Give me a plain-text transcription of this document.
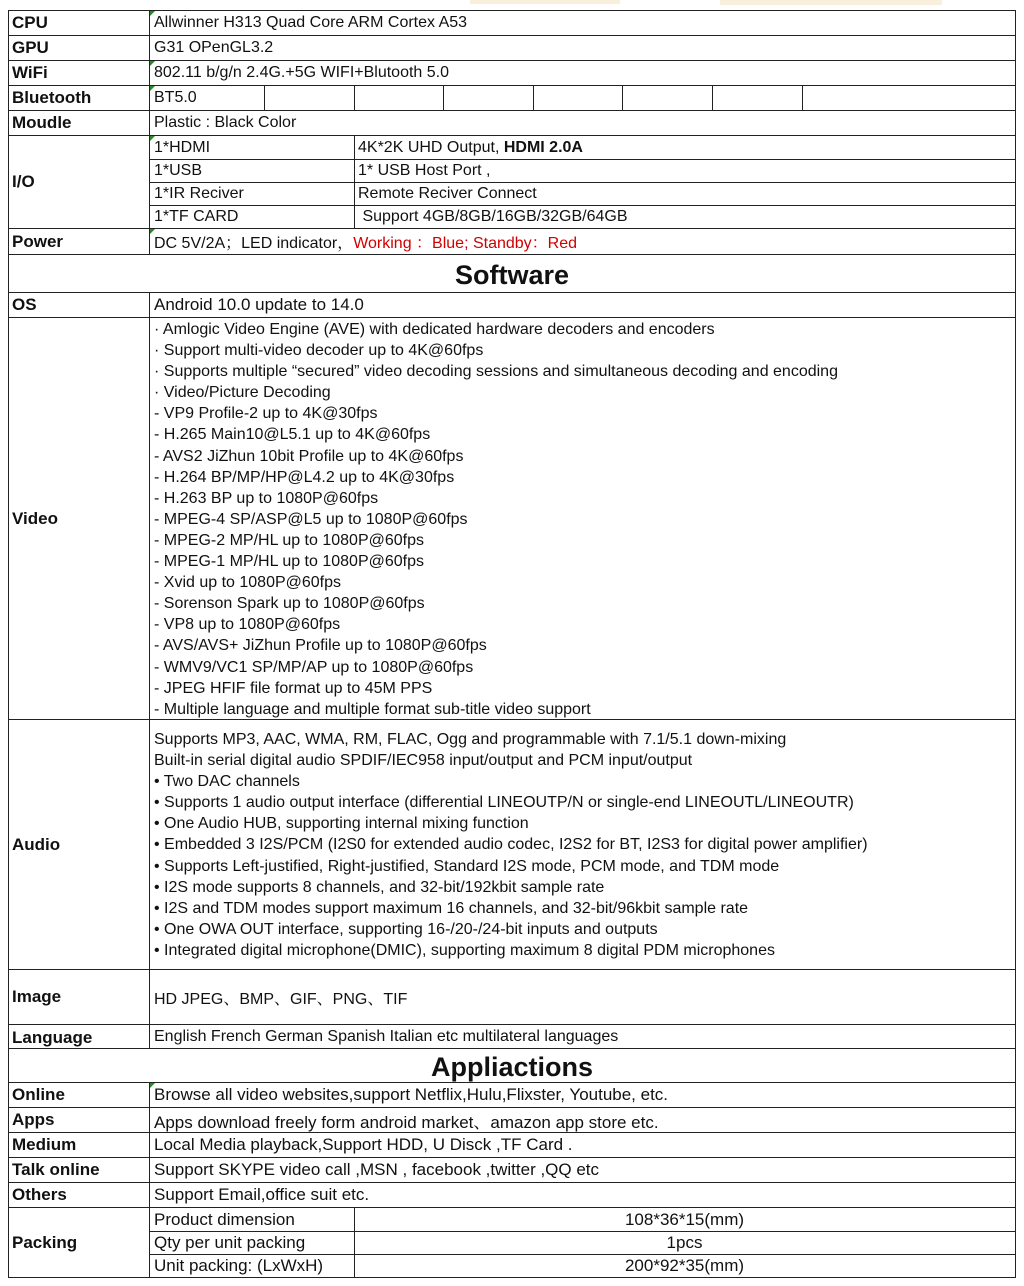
CPU	Allwinner H313 Quad Core ARM Cortex A53
GPU	G31 OPenGL3.2
WiFi	802.11 b/g/n 2.4G.+5G WIFI+Blutooth 5.0
Bluetooth	BT5.0
Moudle	Plastic : Black Color
I/O
1*HDMI	4K*2K UHD Output, HDMI 2.0A
1*USB	1* USB Host Port ,
1*IR Reciver	Remote Reciver Connect
1*TF CARD	Support 4GB/8GB/16GB/32GB/64GB
Power	DC 5V/2A；LED indicator， Working ：Blue; Standby：Red
Software
OS	Android 10.0 update to 14.0
Video
· Amlogic Video Engine (AVE) with dedicated hardware decoders and encoders
· Support multi-video decoder up to 4K@60fps
· Supports multiple “secured” video decoding sessions and simultaneous decoding and encoding
· Video/Picture Decoding
- VP9 Profile-2 up to 4K@30fps
- H.265 Main10@L5.1 up to 4K@60fps
- AVS2 JiZhun 10bit Profile up to 4K@60fps
- H.264 BP/MP/HP@L4.2 up to 4K@30fps
- H.263 BP up to 1080P@60fps
- MPEG-4 SP/ASP@L5 up to 1080P@60fps
- MPEG-2 MP/HL up to 1080P@60fps
- MPEG-1 MP/HL up to 1080P@60fps
- Xvid up to 1080P@60fps
- Sorenson Spark up to 1080P@60fps
- VP8 up to 1080P@60fps
- AVS/AVS+ JiZhun Profile up to 1080P@60fps
- WMV9/VC1 SP/MP/AP up to 1080P@60fps
- JPEG HFIF file format up to 45M PPS
- Multiple language and multiple format sub-title video support
Audio
Supports MP3, AAC, WMA, RM, FLAC, Ogg and programmable with 7.1/5.1 down-mixing
Built-in serial digital audio SPDIF/IEC958 input/output and PCM input/output
• Two DAC channels
• Supports 1 audio output interface (differential LINEOUTP/N or single-end LINEOUTL/LINEOUTR)
• One Audio HUB, supporting internal mixing function
• Embedded 3 I2S/PCM (I2S0 for extended audio codec, I2S2 for BT, I2S3 for digital power amplifier)
• Supports Left-justified, Right-justified, Standard I2S mode, PCM mode, and TDM mode
• I2S mode supports 8 channels, and 32-bit/192kbit sample rate
• I2S and TDM modes support maximum 16 channels, and 32-bit/96kbit sample rate
• One OWA OUT interface, supporting 16-/20-/24-bit inputs and outputs
• Integrated digital microphone(DMIC), supporting maximum 8 digital PDM microphones
Image	HD JPEG、BMP、GIF、PNG、TIF
Language	English French German Spanish Italian etc multilateral languages
Appliactions
Online	Browse all video websites,support Netflix,Hulu,Flixster, Youtube, etc.
Apps	Apps download freely form android market、amazon app store etc.
Medium	Local Media playback,Support HDD, U Disck ,TF Card .
Talk online	Support SKYPE video call ,MSN , facebook ,twitter ,QQ etc
Others	Support Email,office suit etc.
Packing
Product dimension	108*36*15(mm)
Qty per unit packing	1pcs
Unit packing: (LxWxH)	200*92*35(mm)
